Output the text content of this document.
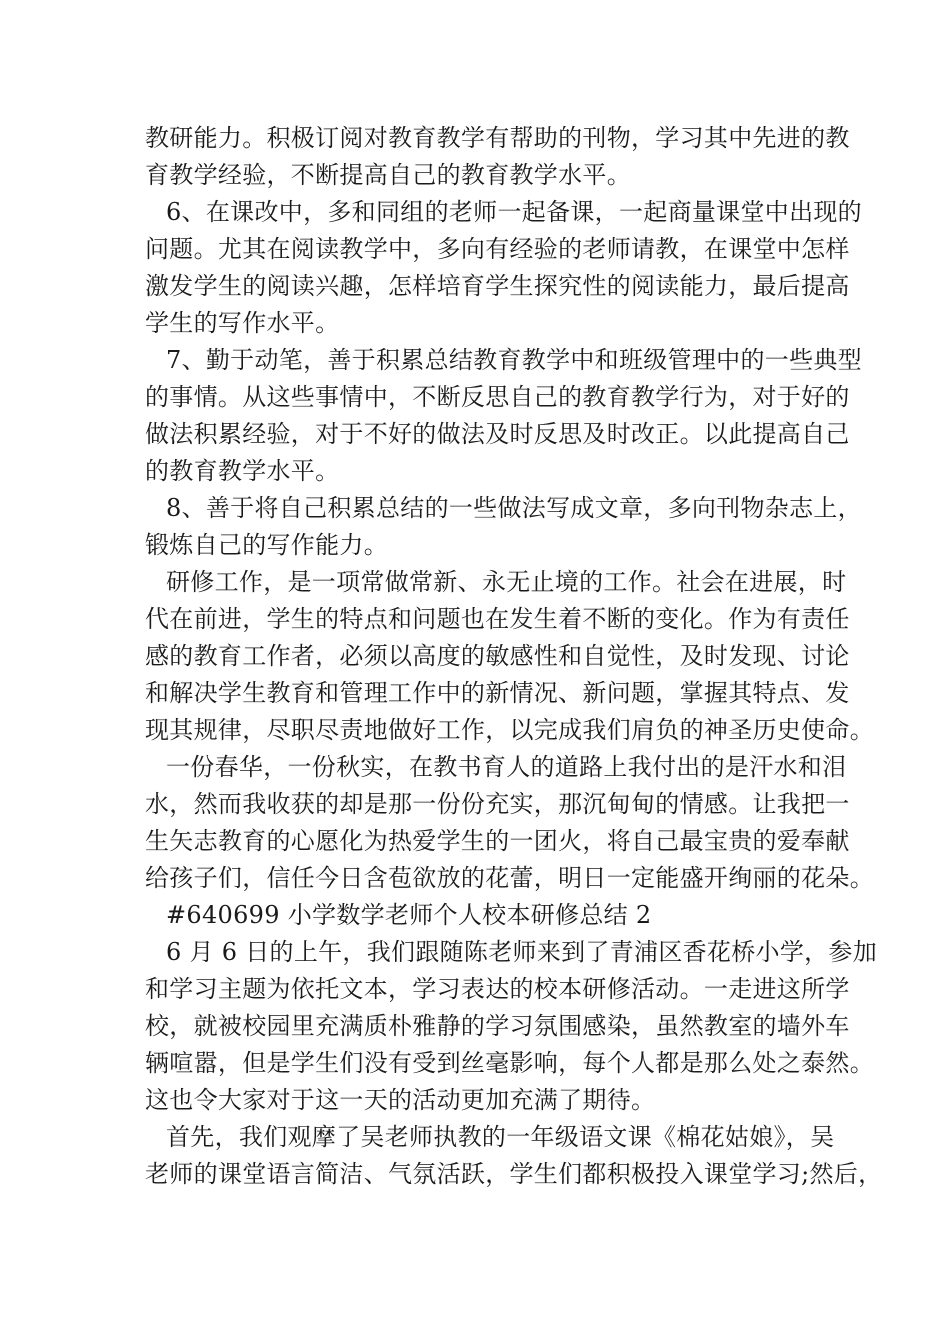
教研能力。积极订阅对教育教学有帮助的刊物，学习其中先进的教
育教学经验，不断提高自己的教育教学水平。
6、在课改中，多和同组的老师一起备课，一起商量课堂中出现的
问题。尤其在阅读教学中，多向有经验的老师请教，在课堂中怎样
激发学生的阅读兴趣，怎样培育学生探究性的阅读能力，最后提高
学生的写作水平。
7、勤于动笔，善于积累总结教育教学中和班级管理中的一些典型
的事情。从这些事情中，不断反思自己的教育教学行为，对于好的
做法积累经验，对于不好的做法及时反思及时改正。以此提高自己
的教育教学水平。
8、善于将自己积累总结的一些做法写成文章，多向刊物杂志上，
锻炼自己的写作能力。
研修工作，是一项常做常新、永无止境的工作。社会在进展，时
代在前进，学生的特点和问题也在发生着不断的变化。作为有责任
感的教育工作者，必须以高度的敏感性和自觉性，及时发现、讨论
和解决学生教育和管理工作中的新情况、新问题，掌握其特点、发
现其规律，尽职尽责地做好工作，以完成我们肩负的神圣历史使命。
一份春华，一份秋实，在教书育人的道路上我付出的是汗水和泪
水，然而我收获的却是那一份份充实，那沉甸甸的情感。让我把一
生矢志教育的心愿化为热爱学生的一团火，将自己最宝贵的爱奉献
给孩子们，信任今日含苞欲放的花蕾，明日一定能盛开绚丽的花朵。
#640699 小学数学老师个人校本研修总结 2
6 月 6 日的上午，我们跟随陈老师来到了青浦区香花桥小学，参加
和学习主题为依托文本，学习表达的校本研修活动。一走进这所学
校，就被校园里充满质朴雅静的学习氛围感染，虽然教室的墙外车
辆喧嚣，但是学生们没有受到丝毫影响，每个人都是那么处之泰然。
这也令大家对于这一天的活动更加充满了期待。
首先，我们观摩了吴老师执教的一年级语文课《棉花姑娘》，吴
老师的课堂语言简洁、气氛活跃，学生们都积极投入课堂学习;然后，
